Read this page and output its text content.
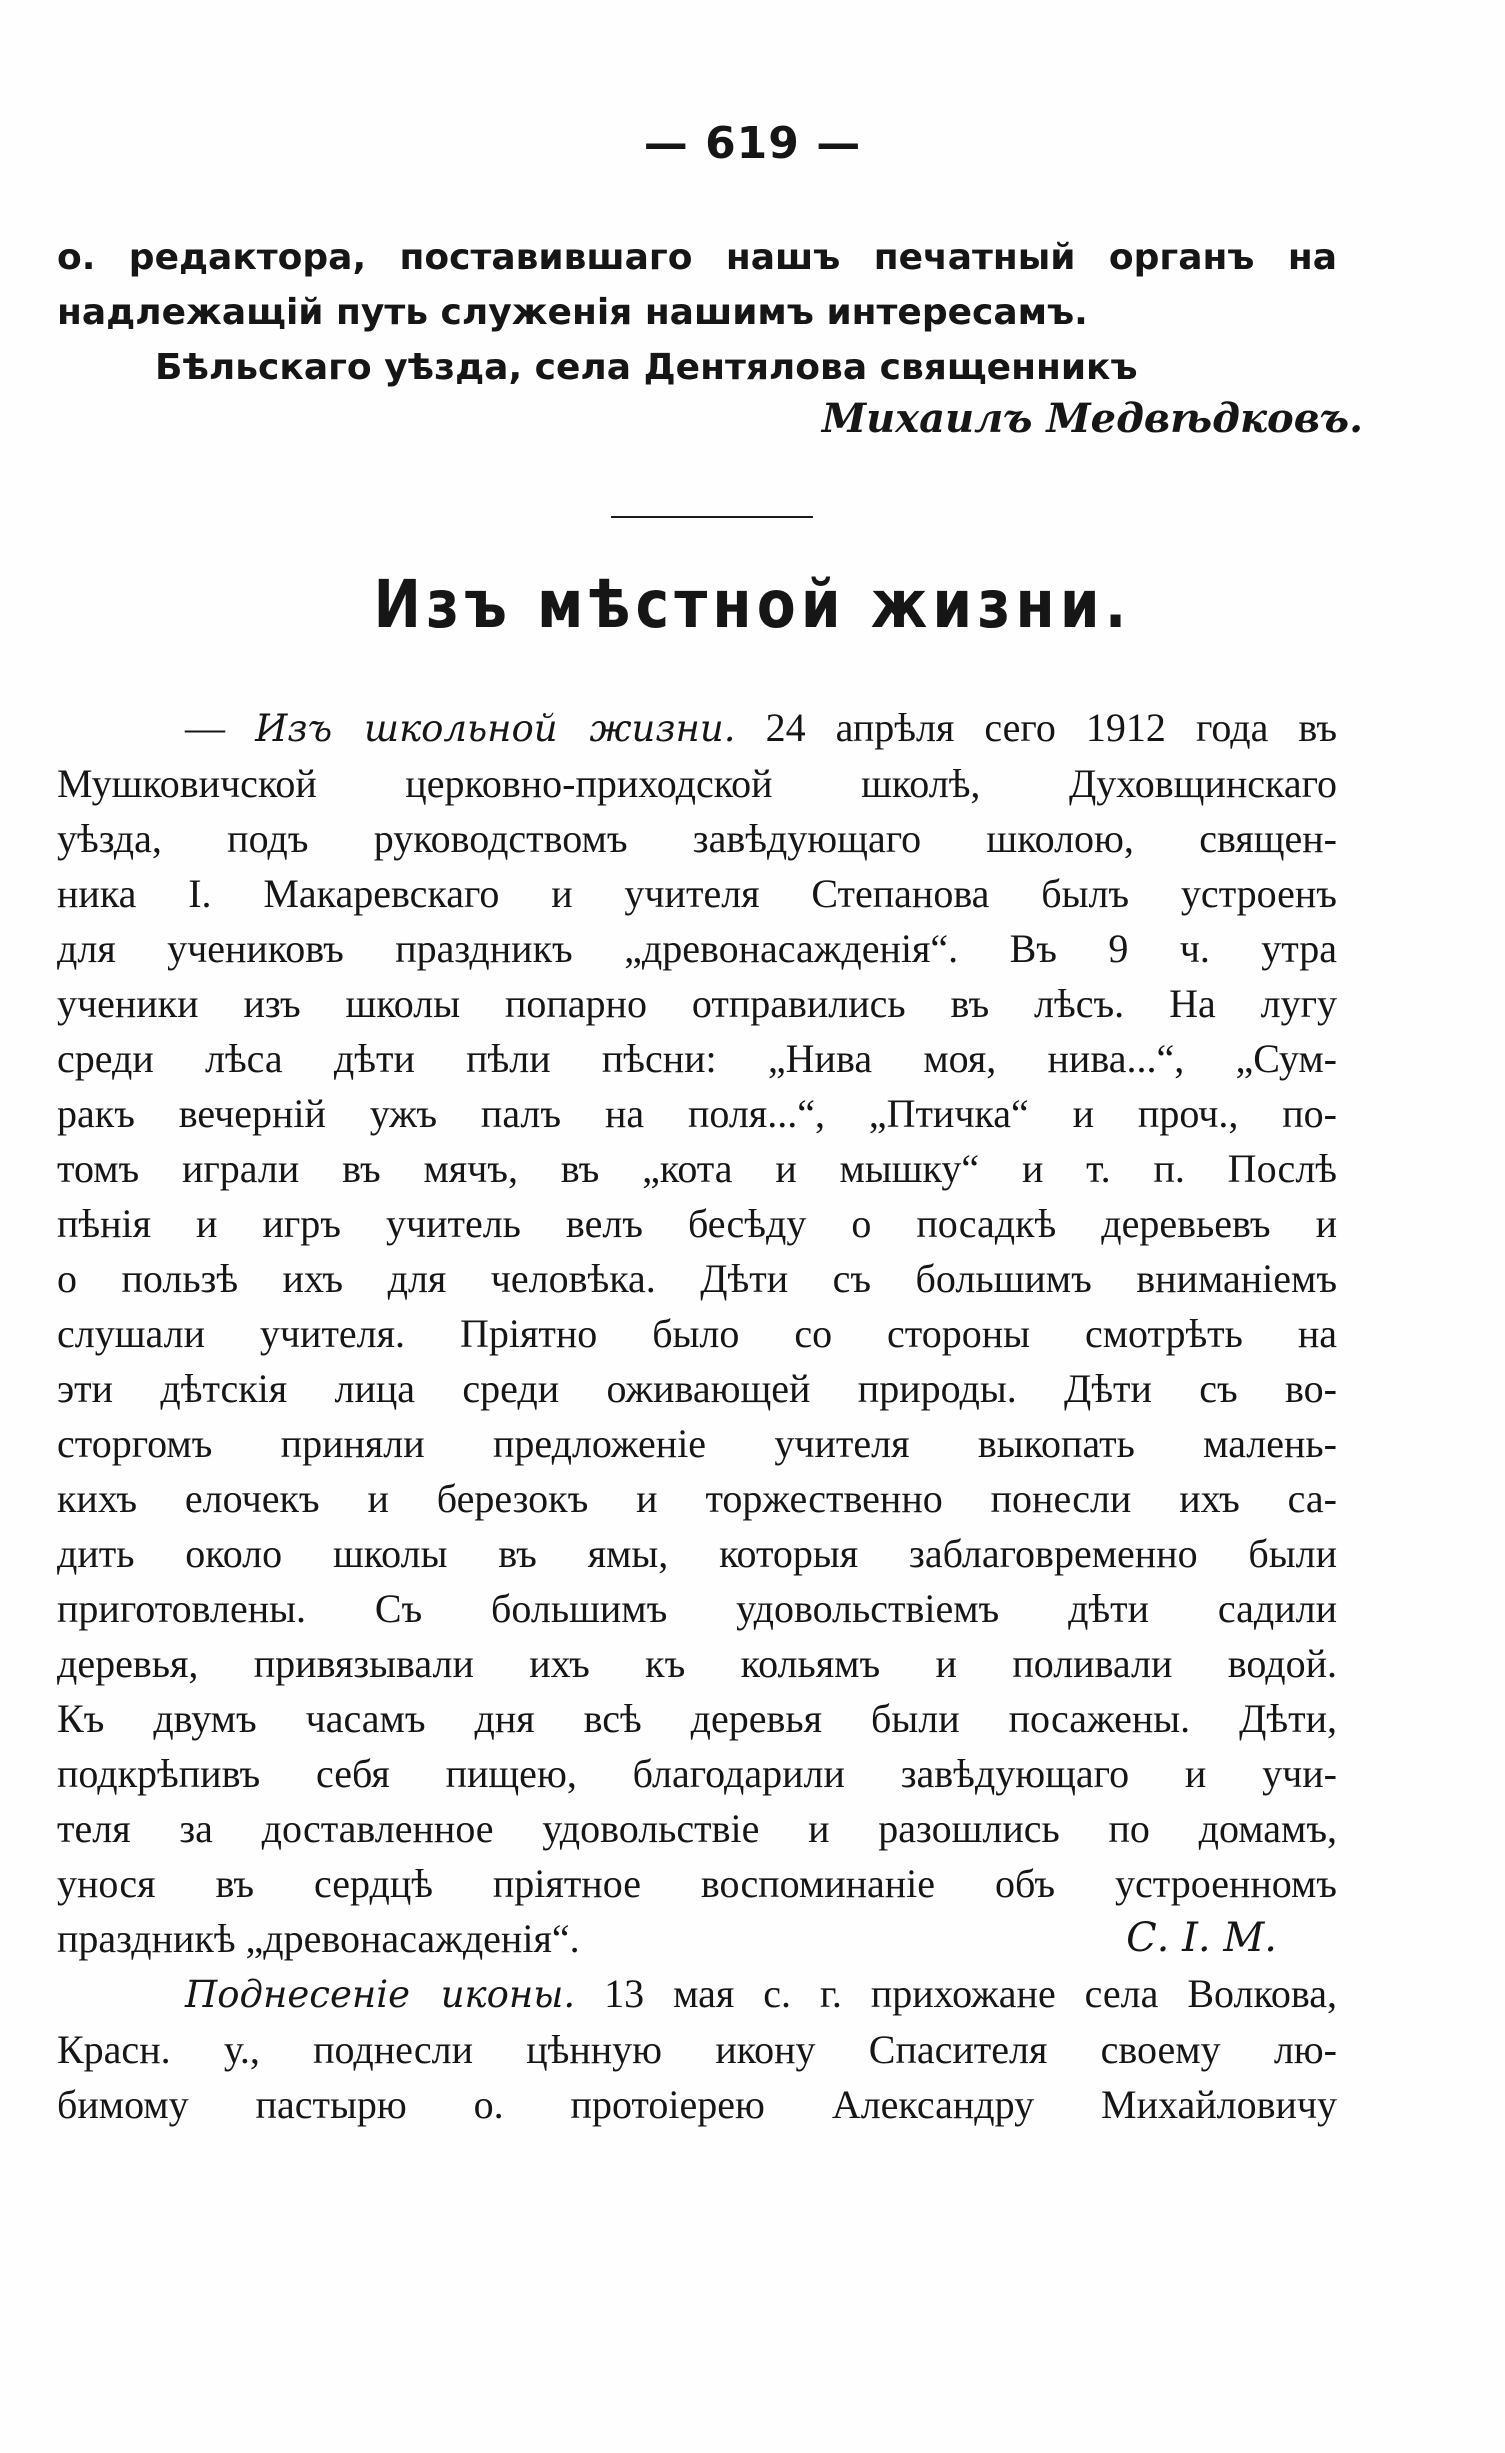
— 619 —
о. редактора, поставившаго нашъ печатный органъ на
надлежащій путь служенія нашимъ интересамъ.
Бѣльскаго уѣзда, села Дентялова священникъ
Михаилъ Медвѣдковъ.
Изъ мѣстной жизни.
— Изъ школьной жизни. 24 апрѣля сего 1912 года въ
Мушковичской церковно-приходской школѣ, Духовщинскаго
уѣзда, подъ руководствомъ завѣдующаго школою, священ-
ника І. Макаревскаго и учителя Степанова былъ устроенъ
для учениковъ праздникъ „древонасажденія“. Въ 9 ч. утра
ученики изъ школы попарно отправились въ лѣсъ. На лугу
среди лѣса дѣти пѣли пѣсни: „Нива моя, нива...“, „Сум-
ракъ вечерній ужъ палъ на поля...“, „Птичка“ и проч., по-
томъ играли въ мячъ, въ „кота и мышку“ и т. п. Послѣ
пѣнія и игръ учитель велъ бесѣду о посадкѣ деревьевъ и
о пользѣ ихъ для человѣка. Дѣти съ большимъ вниманіемъ
слушали учителя. Пріятно было со стороны смотрѣть на
эти дѣтскія лица среди оживающей природы. Дѣти съ во-
сторгомъ приняли предложеніе учителя выкопать малень-
кихъ елочекъ и березокъ и торжественно понесли ихъ са-
дить около школы въ ямы, которыя заблаговременно были
приготовлены. Съ большимъ удовольствіемъ дѣти садили
деревья, привязывали ихъ къ кольямъ и поливали водой.
Къ двумъ часамъ дня всѣ деревья были посажены. Дѣти,
подкрѣпивъ себя пищею, благодарили завѣдующаго и учи-
теля за доставленное удовольствіе и разошлись по домамъ,
унося въ сердцѣ пріятное воспоминаніе объ устроенномъ
праздникѣ „древонасажденія“.	С. І. М.
Поднесеніе иконы. 13 мая с. г. прихожане села Волкова,
Красн. у., поднесли цѣнную икону Спасителя своему лю-
бимому пастырю о. протоіерею Александру Михайловичу
